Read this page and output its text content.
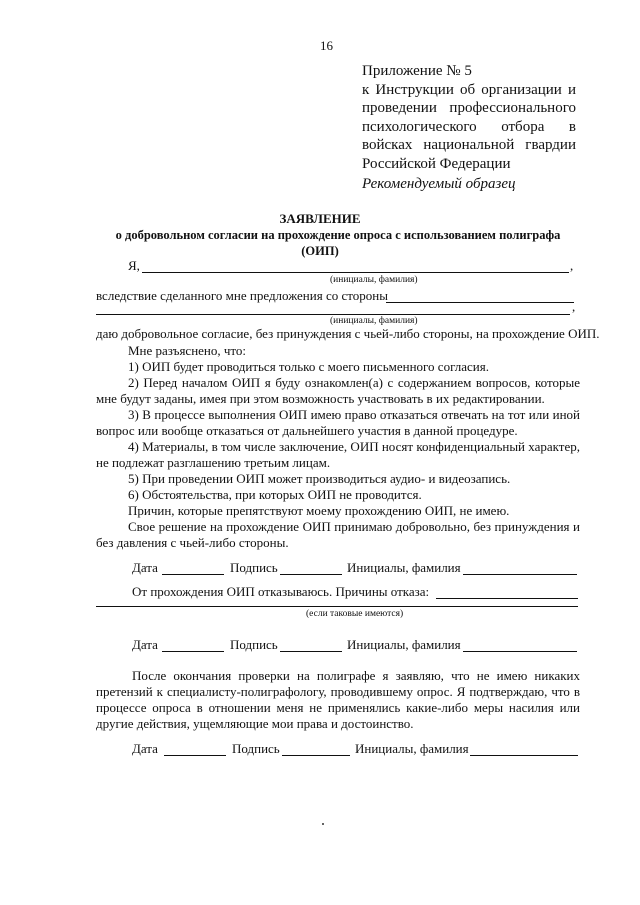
16
Приложение № 5
к Инструкции об организации и
проведении профессионального
психологического отбора в
войсках национальной гвардии
Российской Федерации
Рекомендуемый образец
ЗАЯВЛЕНИЕ
о добровольном согласии на прохождение опроса с использованием полиграфа
(ОИП)
Я,	,
(инициалы, фамилия)
вследствие сделанного мне предложения со стороны
,
(инициалы, фамилия)
даю добровольное согласие, без принуждения с чьей-либо стороны, на прохождение ОИП.
Мне разъяснено, что:
1) ОИП будет проводиться только с моего письменного согласия.
2) Перед началом ОИП я буду ознакомлен(а) с содержанием вопросов, которые мне будут заданы, имея при этом возможность участвовать в их редактировании.
3) В процессе выполнения ОИП имею право отказаться отвечать на тот или иной вопрос или вообще отказаться от дальнейшего участия в данной процедуре.
4) Материалы, в том числе заключение, ОИП носят конфиденциальный характер, не подлежат разглашению третьим лицам.
5) При проведении ОИП может производиться аудио- и видеозапись.
6) Обстоятельства, при которых ОИП не проводится.
Причин, которые препятствуют моему прохождению ОИП, не имею.
Свое решение на прохождение ОИП принимаю добровольно, без принуждения и без давления с чьей-либо стороны.
Дата	Подпись	Инициалы, фамилия
От прохождения ОИП отказываюсь. Причины отказа:
(если таковые имеются)
Дата	Подпись	Инициалы, фамилия
После окончания проверки на полиграфе я заявляю, что не имею никаких претензий к специалисту-полиграфологу, проводившему опрос. Я подтверждаю, что в процессе опроса в отношении меня не применялись какие-либо меры насилия или другие действия, ущемляющие мои права и достоинство.
Дата	Подпись	Инициалы, фамилия
